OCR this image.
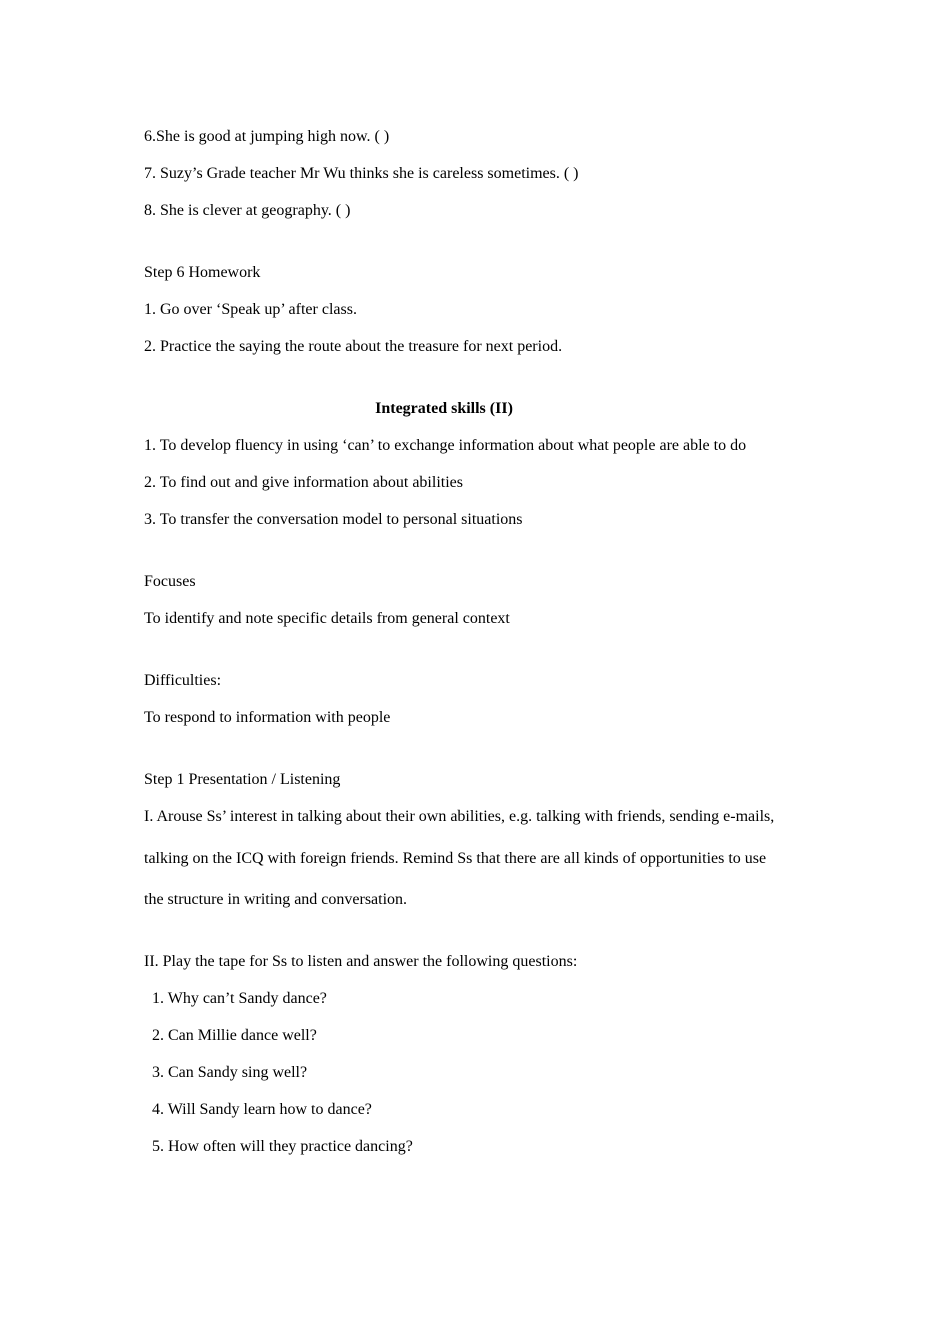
6.She is good at jumping high now. ( )
7. Suzy’s Grade teacher Mr Wu thinks she is careless sometimes. ( )
8. She is clever at geography. ( )
Step 6 Homework
1. Go over ‘Speak up’ after class.
2. Practice the saying the route about the treasure for next period.
Integrated skills (II)
1. To develop fluency in using ‘can’ to exchange information about what people are able to do
2. To find out and give information about abilities
3. To transfer the conversation model to personal situations
Focuses
To identify and note specific details from general context
Difficulties:
To respond to information with people
Step 1 Presentation / Listening
I. Arouse Ss’ interest in talking about their own abilities, e.g. talking with friends, sending e-mails,
talking on the ICQ with foreign friends. Remind Ss that there are all kinds of opportunities to use
the structure in writing and conversation.
II. Play the tape for Ss to listen and answer the following questions:
1. Why can’t Sandy dance?
2. Can Millie dance well?
3. Can Sandy sing well?
4. Will Sandy learn how to dance?
5. How often will they practice dancing?
